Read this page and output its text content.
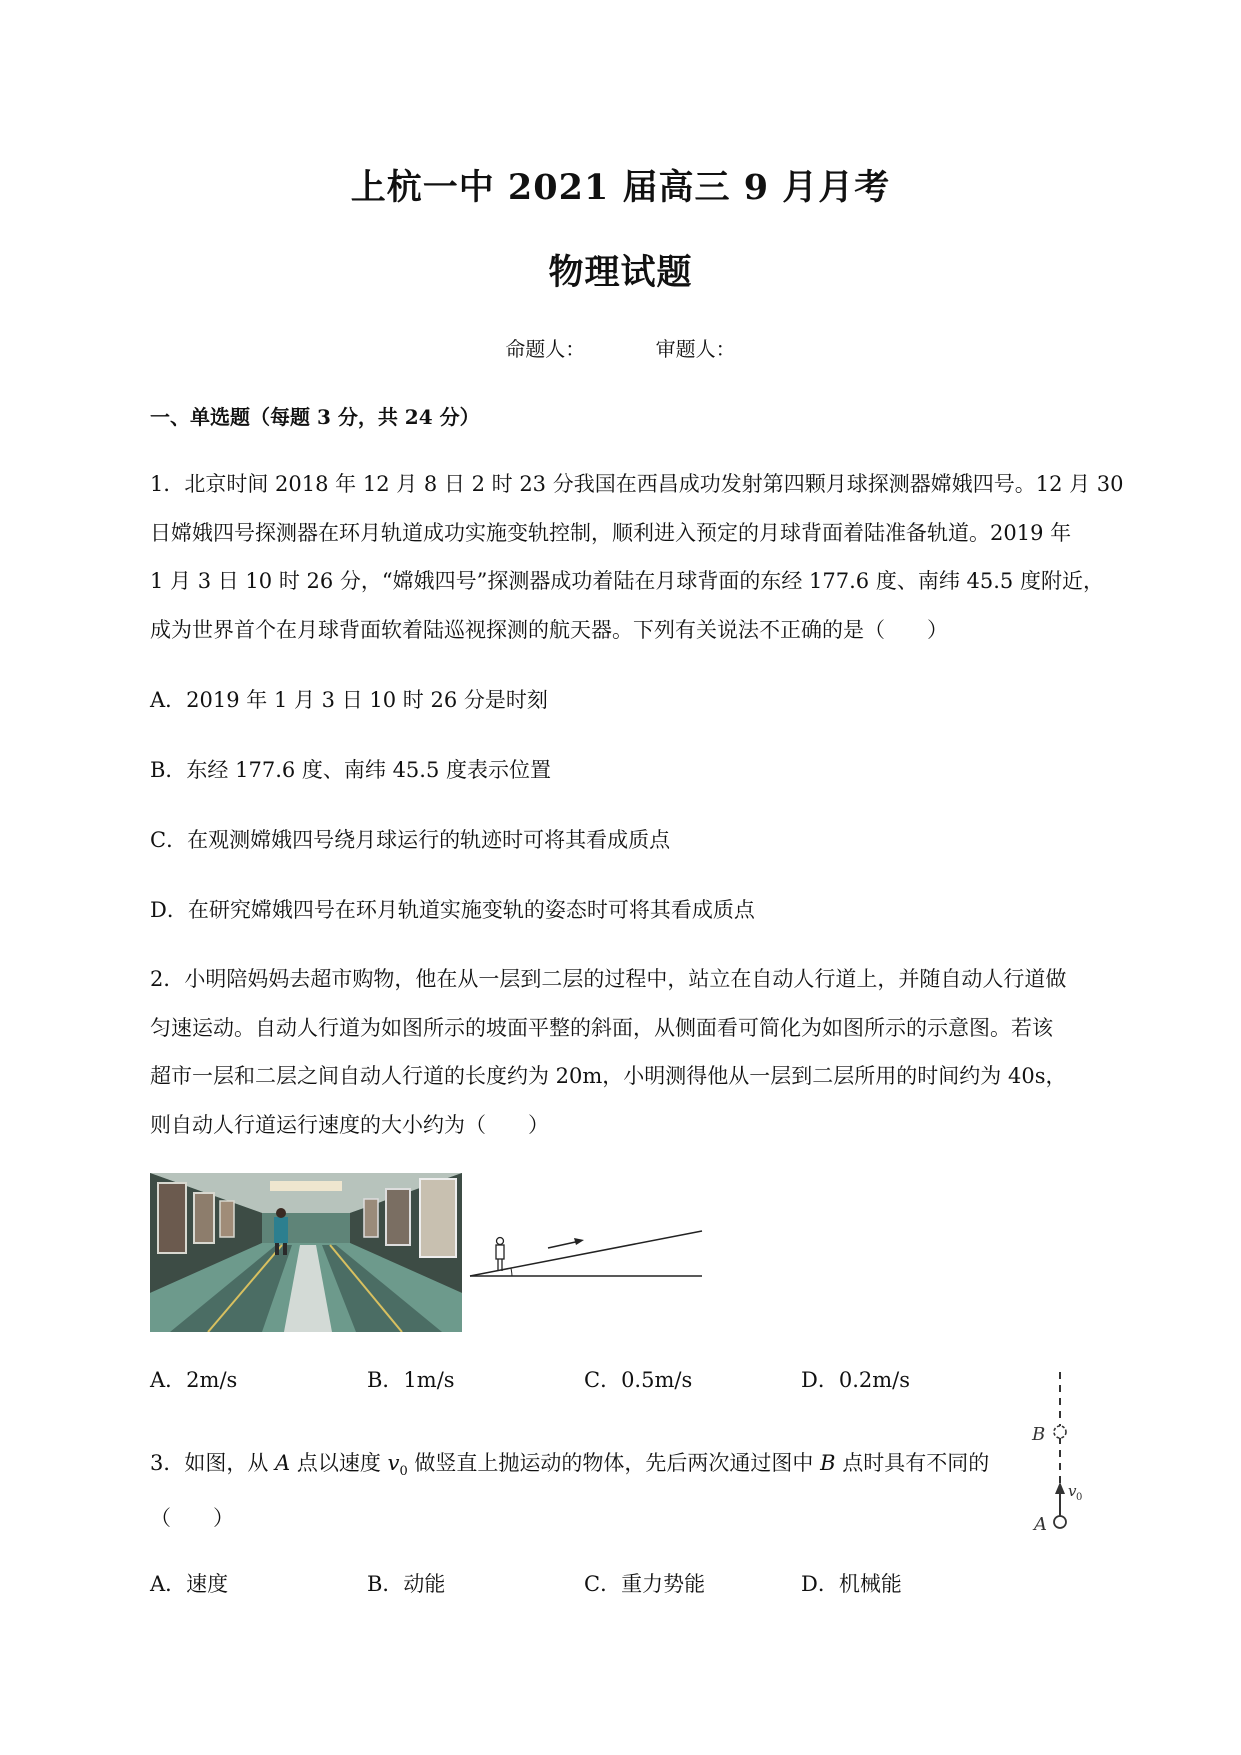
上杭一中 2021 届高三 9 月月考
物理试题
命题人：	审题人：
一、单选题（每题 3 分，共 24 分）
1．北京时间 2018 年 12 月 8 日 2 时 23 分我国在西昌成功发射第四颗月球探测器嫦娥四号。12 月 30
日嫦娥四号探测器在环月轨道成功实施变轨控制，顺利进入预定的月球背面着陆准备轨道。2019 年
1 月 3 日 10 时 26 分，“嫦娥四号”探测器成功着陆在月球背面的东经 177.6 度、南纬 45.5 度附近，
成为世界首个在月球背面软着陆巡视探测的航天器。下列有关说法不正确的是（　　）
A．2019 年 1 月 3 日 10 时 26 分是时刻
B．东经 177.6 度、南纬 45.5 度表示位置
C．在观测嫦娥四号绕月球运行的轨迹时可将其看成质点
D．在研究嫦娥四号在环月轨道实施变轨的姿态时可将其看成质点
2．小明陪妈妈去超市购物，他在从一层到二层的过程中，站立在自动人行道上，并随自动人行道做
匀速运动。自动人行道为如图所示的坡面平整的斜面，从侧面看可简化为如图所示的示意图。若该
超市一层和二层之间自动人行道的长度约为 20m，小明测得他从一层到二层所用的时间约为 40s，
则自动人行道运行速度的大小约为（　　）
A．2m/s	B．1m/s	C．0.5m/s	D．0.2m/s
3．如图，从 A 点以速度 $v_0$ 做竖直上抛运动的物体，先后两次通过图中 B 点时具有不同的
（　　）
B
A
v 0
A．速度	B．动能	C．重力势能	D．机械能
